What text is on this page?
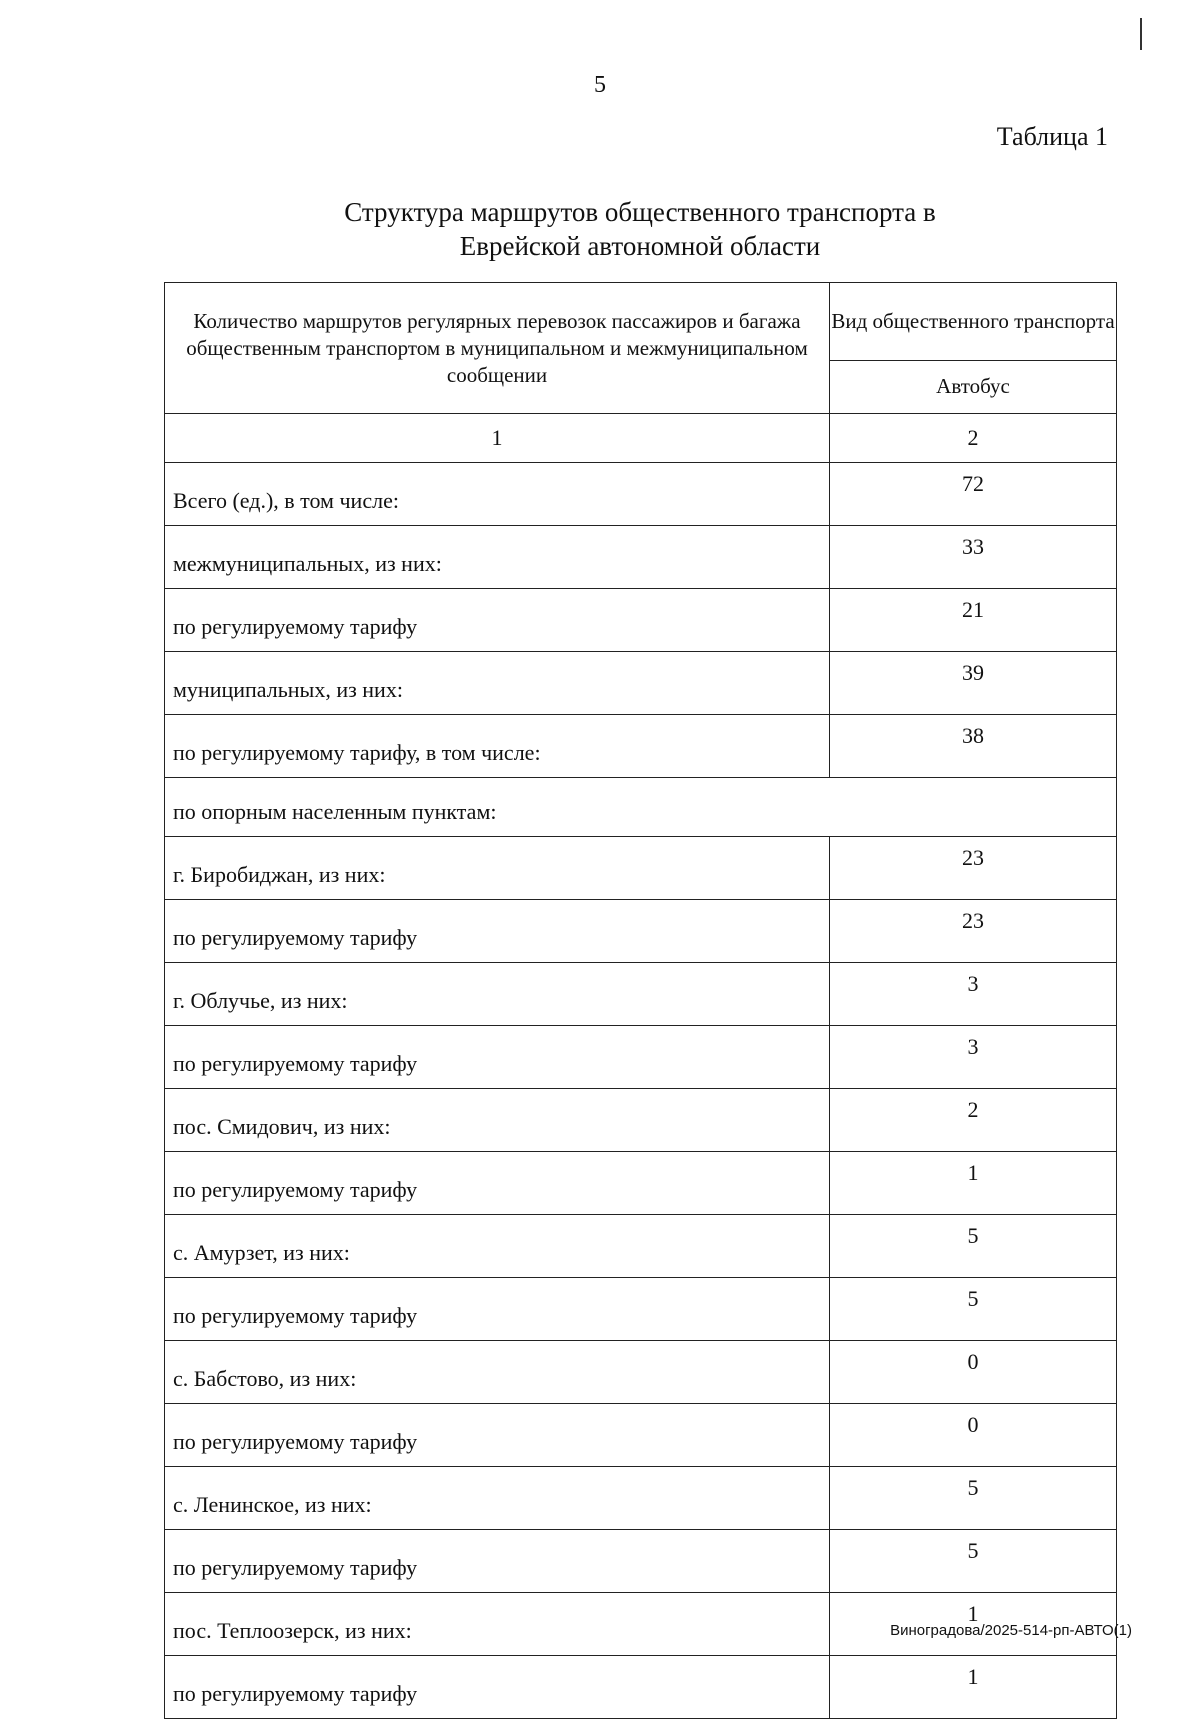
5
Таблица 1
Структура маршрутов общественного транспорта в
Еврейской автономной области
Количество маршрутов регулярных перевозок пассажиров и багажа общественным транспортом в муниципальном и межмуниципальном сообщении	Вид общественного транспорта
	Автобус
1	2
Всего (ед.), в том числе:	72
межмуниципальных, из них:	33
по регулируемому тарифу	21
муниципальных, из них:	39
по регулируемому тарифу, в том числе:	38
по опорным населенным пунктам:	
г. Биробиджан, из них:	23
по регулируемому тарифу	23
г. Облучье, из них:	3
по регулируемому тарифу	3
пос. Смидович, из них:	2
по регулируемому тарифу	1
с. Амурзет, из них:	5
по регулируемому тарифу	5
с. Бабстово, из них:	0
по регулируемому тарифу	0
с. Ленинское, из них:	5
по регулируемому тарифу	5
пос. Теплоозерск, из них:	1
по регулируемому тарифу	1
Виноградова/2025-514-рп-АВТО(1)
